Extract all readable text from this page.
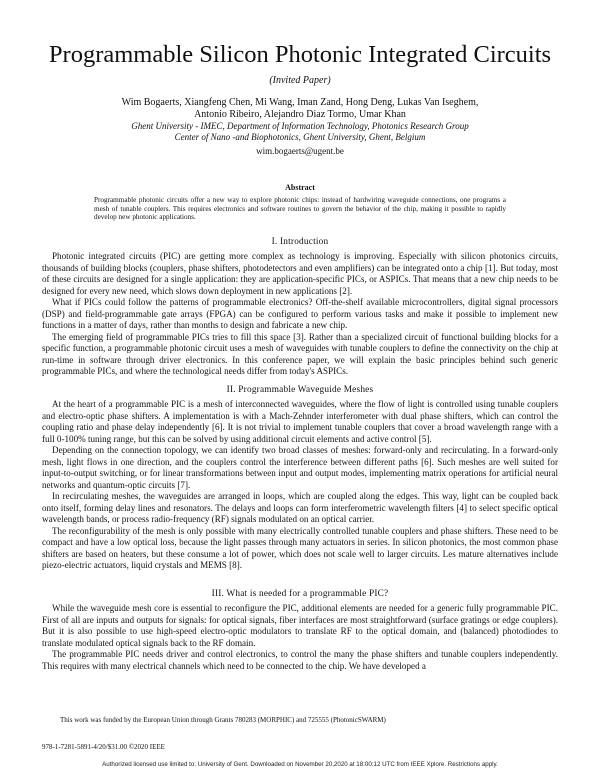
Programmable Silicon Photonic Integrated Circuits
(Invited Paper)
Wim Bogaerts, Xiangfeng Chen, Mi Wang, Iman Zand, Hong Deng, Lukas Van Iseghem,
Antonio Ribeiro, Alejandro Diaz Tormo, Umar Khan
Ghent University - IMEC, Department of Information Technology, Photonics Research Group
Center of Nano -and Biophotonics, Ghent University, Ghent, Belgium
wim.bogaerts@ugent.be
Abstract
Programmable photonic circuits offer a new way to explore photonic chips: instead of hardwiring waveguide connections, one programs a mesh of tunable couplers. This requires electronics and software routines to govern the behavior of the chip, making it possible to rapidly develop new photonic applications.
I. Introduction

Photonic integrated circuits (PIC) are getting more complex as technology is improving. Especially with silicon photonics circuits, thousands of building blocks (couplers, phase shifters, photodetectors and even amplifiers) can be integrated onto a chip [1]. But today, most of these circuits are designed for a single application: they are application-specific PICs, or ASPICs. That means that a new chip needs to be designed for every new need, which slows down deployment in new applications [2].

What if PICs could follow the patterns of programmable electronics? Off-the-shelf available microcontrollers, digital signal processors (DSP) and field-programmable gate arrays (FPGA) can be configured to perform various tasks and make it possible to implement new functions in a matter of days, rather than months to design and fabricate a new chip.

The emerging field of programmable PICs tries to fill this space [3]. Rather than a specialized circuit of functional building blocks for a specific function, a programmable photonic circuit uses a mesh of waveguides with tunable couplers to define the connectivity on the chip at run-time in software through driver electronics. In this conference paper, we will explain the basic principles behind such generic programmable PICs, and where the technological needs differ from today's ASPICs.

II. Programmable Waveguide Meshes

At the heart of a programmable PIC is a mesh of interconnected waveguides, where the flow of light is controlled using tunable couplers and electro-optic phase shifters. A implementation is with a Mach-Zehnder interferometer with dual phase shifters, which can control the coupling ratio and phase delay independently [6]. It is not trivial to implement tunable couplers that cover a broad wavelength range with a full 0-100% tuning range, but this can be solved by using additional circuit elements and active control [5].

Depending on the connection topology, we can identify two broad classes of meshes: forward-only and recirculating. In a forward-only mesh, light flows in one direction, and the couplers control the interference between different paths [6]. Such meshes are well suited for input-to-output switching, or for linear transformations between input and output modes, implementing matrix operations for artificial neural networks and quantum-optic circuits [7].

In recirculating meshes, the waveguides are arranged in loops, which are coupled along the edges. This way, light can be coupled back onto itself, forming delay lines and resonators. The delays and loops can form interferometric wavelength filters [4] to select specific optical wavelength bands, or process radio-frequency (RF) signals modulated on an optical carrier.

The reconfigurability of the mesh is only possible with many electrically controlled tunable couplers and phase shifters. These need to be compact and have a low optical loss, because the light passes through many actuators in series. In silicon photonics, the most common phase shifters are based on heaters, but these consume a lot of power, which does not scale well to larger circuits. Les mature alternatives include piezo-electric actuators, liquid crystals and MEMS [8].

III. What is needed for a programmable PIC?

While the waveguide mesh core is essential to reconfigure the PIC, additional elements are needed for a generic fully programmable PIC. First of all are inputs and outputs for signals: for optical signals, fiber interfaces are most straightforward (surface gratings or edge couplers). But it is also possible to use high-speed electro-optic modulators to translate RF to the optical domain, and (balanced) photodiodes to translate modulated optical signals back to the RF domain.

The programmable PIC needs driver and control electronics, to control the many the phase shifters and tunable couplers independently. This requires with many electrical channels which need to be connected to the chip. We have developed a

This work was funded by the European Union through Grants 780283 (MORPHIC) and 725555 (PhotonicSWARM)
978-1-7281-5891-4/20/$31.00 ©2020 IEEE
Authorized licensed use limited to: University of Gent. Downloaded on November 20,2020 at 18:00:12 UTC from IEEE Xplore. Restrictions apply.
